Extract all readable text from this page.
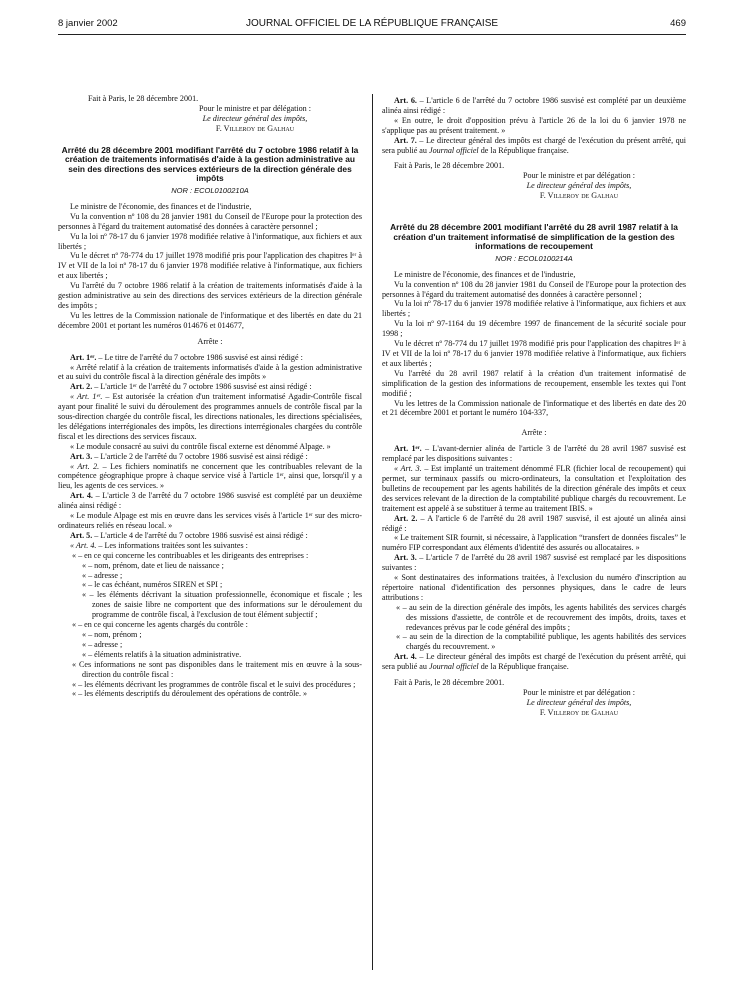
8 janvier 2002	JOURNAL OFFICIEL DE LA RÉPUBLIQUE FRANÇAISE	469

Fait à Paris, le 28 décembre 2001.

Pour le ministre et par délégation :

Le directeur général des impôts,

F. Villeroy de Galhau

Arrêté du 28 décembre 2001 modifiant l'arrêté du 7 octobre 1986 relatif à la création de traitements informatisés d'aide à la gestion administrative au sein des directions des services extérieurs de la direction générale des impôts
NOR : ECOL0100210A

Le ministre de l'économie, des finances et de l'industrie,

Vu la convention nº 108 du 28 janvier 1981 du Conseil de l'Europe pour la protection des personnes à l'égard du traitement automatisé des données à caractère personnel ;

Vu la loi nº 78-17 du 6 janvier 1978 modifiée relative à l'informatique, aux fichiers et aux libertés ;

Vu le décret nº 78-774 du 17 juillet 1978 modifié pris pour l'application des chapitres Iᵉʳ à IV et VII de la loi nº 78-17 du 6 janvier 1978 modifiée relative à l'informatique, aux fichiers et aux libertés ;

Vu l'arrêté du 7 octobre 1986 relatif à la création de traitements informatisés d'aide à la gestion administrative au sein des directions des services extérieurs de la direction générale des impôts ;

Vu les lettres de la Commission nationale de l'informatique et des libertés en date du 21 décembre 2001 et portant les numéros 014676 et 014677,

Arrête :

Art. 1ᵉʳ. – Le titre de l'arrêté du 7 octobre 1986 susvisé est ainsi rédigé :

« Arrêté relatif à la création de traitements informatisés d'aide à la gestion administrative et au suivi du contrôle fiscal à la direction générale des impôts »

Art. 2. – L'article 1ᵉʳ de l'arrêté du 7 octobre 1986 susvisé est ainsi rédigé :

« Art. 1ᵉʳ. – Est autorisée la création d'un traitement informatisé Agadir-Contrôle fiscal ayant pour finalité le suivi du déroulement des programmes annuels de contrôle fiscal par la sous-direction chargée du contrôle fiscal, les directions nationales, les directions spécialisées, les délégations interrégionales des impôts, les directions interrégionales chargées du contrôle fiscal et les directions des services fiscaux.

« Le module consacré au suivi du contrôle fiscal externe est dénommé Alpage. »

Art. 3. – L'article 2 de l'arrêté du 7 octobre 1986 susvisé est ainsi rédigé :

« Art. 2. – Les fichiers nominatifs ne concernent que les contribuables relevant de la compétence géographique propre à chaque service visé à l'article 1ᵉʳ, ainsi que, lorsqu'il y a lieu, les agents de ces services. »

Art. 4. – L'article 3 de l'arrêté du 7 octobre 1986 susvisé est complété par un deuxième alinéa ainsi rédigé :

« Le module Alpage est mis en œuvre dans les services visés à l'article 1ᵉʳ sur des micro-ordinateurs reliés en réseau local. »

Art. 5. – L'article 4 de l'arrêté du 7 octobre 1986 susvisé est ainsi rédigé :

« Art. 4. – Les informations traitées sont les suivantes :

« – en ce qui concerne les contribuables et les dirigeants des entreprises :

« – nom, prénom, date et lieu de naissance ;

« – adresse ;

« – le cas échéant, numéros SIREN et SPI ;

« – les éléments décrivant la situation professionnelle, économique et fiscale ; les zones de saisie libre ne comportent que des informations sur le déroulement du programme de contrôle fiscal, à l'exclusion de tout élément subjectif ;

« – en ce qui concerne les agents chargés du contrôle :

« – nom, prénom ;

« – adresse ;

« – éléments relatifs à la situation administrative.

« Ces informations ne sont pas disponibles dans le traitement mis en œuvre à la sous-direction du contrôle fiscal :

« – les éléments décrivant les programmes de contrôle fiscal et le suivi des procédures ;

« – les éléments descriptifs du déroulement des opérations de contrôle. »

Art. 6. – L'article 6 de l'arrêté du 7 octobre 1986 susvisé est complété par un deuxième alinéa ainsi rédigé :

« En outre, le droit d'opposition prévu à l'article 26 de la loi du 6 janvier 1978 ne s'applique pas au présent traitement. »

Art. 7. – Le directeur général des impôts est chargé de l'exécution du présent arrêté, qui sera publié au Journal officiel de la République française.

Fait à Paris, le 28 décembre 2001.

Pour le ministre et par délégation :

Le directeur général des impôts,

F. Villeroy de Galhau

Arrêté du 28 décembre 2001 modifiant l'arrêté du 28 avril 1987 relatif à la création d'un traitement informatisé de simplification de la gestion des informations de recoupement
NOR : ECOL0100214A

Le ministre de l'économie, des finances et de l'industrie,

Vu la convention nº 108 du 28 janvier 1981 du Conseil de l'Europe pour la protection des personnes à l'égard du traitement automatisé des données à caractère personnel ;

Vu la loi nº 78-17 du 6 janvier 1978 modifiée relative à l'informatique, aux fichiers et aux libertés ;

Vu la loi nº 97-1164 du 19 décembre 1997 de financement de la sécurité sociale pour 1998 ;

Vu le décret nº 78-774 du 17 juillet 1978 modifié pris pour l'application des chapitres Iᵉʳ à IV et VII de la loi nº 78-17 du 6 janvier 1978 modifiée relative à l'informatique, aux fichiers et aux libertés ;

Vu l'arrêté du 28 avril 1987 relatif à la création d'un traitement informatisé de simplification de la gestion des informations de recoupement, ensemble les textes qui l'ont modifié ;

Vu les lettres de la Commission nationale de l'informatique et des libertés en date des 20 et 21 décembre 2001 et portant le numéro 104-337,

Arrête :

Art. 1ᵉʳ. – L'avant-dernier alinéa de l'article 3 de l'arrêté du 28 avril 1987 susvisé est remplacé par les dispositions suivantes :

« Art. 3. – Est implanté un traitement dénommé FLR (fichier local de recoupement) qui permet, sur terminaux passifs ou micro-ordinateurs, la consultation et l'exploitation des bulletins de recoupement par les agents habilités de la direction générale des impôts et ceux des services relevant de la direction de la comptabilité publique chargés du recouvrement. Le traitement est appelé à se substituer à terme au traitement IBIS. »

Art. 2. – A l'article 6 de l'arrêté du 28 avril 1987 susvisé, il est ajouté un alinéa ainsi rédigé :

« Le traitement SIR fournit, si nécessaire, à l'application “transfert de données fiscales” le numéro FIP correspondant aux éléments d'identité des assurés ou allocataires. »

Art. 3. – L'article 7 de l'arrêté du 28 avril 1987 susvisé est remplacé par les dispositions suivantes :

« Sont destinataires des informations traitées, à l'exclusion du numéro d'inscription au répertoire national d'identification des personnes physiques, dans le cadre de leurs attributions :

« – au sein de la direction générale des impôts, les agents habilités des services chargés des missions d'assiette, de contrôle et de recouvrement des impôts, droits, taxes et redevances prévus par le code général des impôts ;

« – au sein de la direction de la comptabilité publique, les agents habilités des services chargés du recouvrement. »

Art. 4. – Le directeur général des impôts est chargé de l'exécution du présent arrêté, qui sera publié au Journal officiel de la République française.

Fait à Paris, le 28 décembre 2001.

Pour le ministre et par délégation :

Le directeur général des impôts,

F. Villeroy de Galhau
